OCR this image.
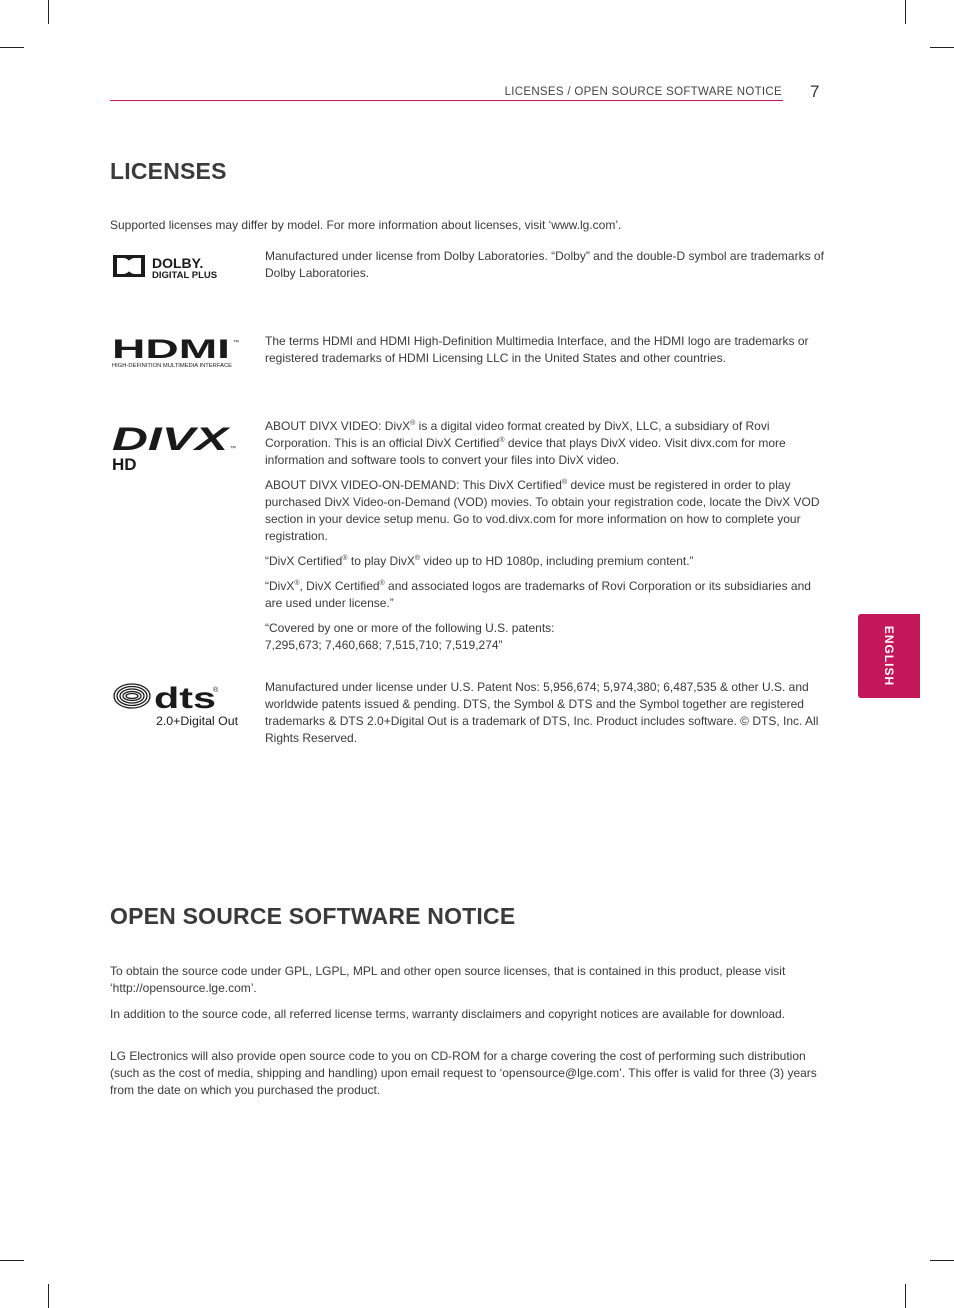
LICENSES / OPEN SOURCE SOFTWARE NOTICE 7
ENGLISH
LICENSES

Supported licenses may differ by model. For more information about licenses, visit ‘www.lg.com’.

DOLBY.
DIGITAL PLUS

Manufactured under license from Dolby Laboratories. “Dolby” and the double-D symbol are trademarks of Dolby Laboratories.

HDMI ™
HIGH-DEFINITION MULTIMEDIA INTERFACE

The terms HDMI and HDMI High-Definition Multimedia Interface, and the HDMI logo are trademarks or registered trademarks of HDMI Licensing LLC in the United States and other countries.

DIVX ™
HD

ABOUT DIVX VIDEO: DivX® is a digital video format created by DivX, LLC, a subsidiary of Rovi Corporation. This is an official DivX Certified® device that plays DivX video. Visit divx.com for more information and software tools to convert your files into DivX video.

ABOUT DIVX VIDEO-ON-DEMAND: This DivX Certified® device must be registered in order to play purchased DivX Video-on-Demand (VOD) movies. To obtain your registration code, locate the DivX VOD section in your device setup menu. Go to vod.divx.com for more information on how to complete your registration.

“DivX Certified® to play DivX® video up to HD 1080p, including premium content.”

“DivX®, DivX Certified® and associated logos are trademarks of Rovi Corporation or its subsidiaries and are used under license.”

“Covered by one or more of the following U.S. patents:
7,295,673; 7,460,668; 7,515,710; 7,519,274”

dts
®
2.0+Digital Out

Manufactured under license under U.S. Patent Nos: 5,956,674; 5,974,380; 6,487,535 & other U.S. and worldwide patents issued & pending. DTS, the Symbol & DTS and the Symbol together are registered trademarks & DTS 2.0+Digital Out is a trademark of DTS, Inc. Product includes software. © DTS, Inc. All Rights Reserved.

OPEN SOURCE SOFTWARE NOTICE

To obtain the source code under GPL, LGPL, MPL and other open source licenses, that is contained in this product, please visit ‘http://opensource.lge.com’.

In addition to the source code, all referred license terms, warranty disclaimers and copyright notices are available for download.

LG Electronics will also provide open source code to you on CD-ROM for a charge covering the cost of performing such distribution (such as the cost of media, shipping and handling) upon email request to ‘opensource@lge.com’. This offer is valid for three (3) years from the date on which you purchased the product.
